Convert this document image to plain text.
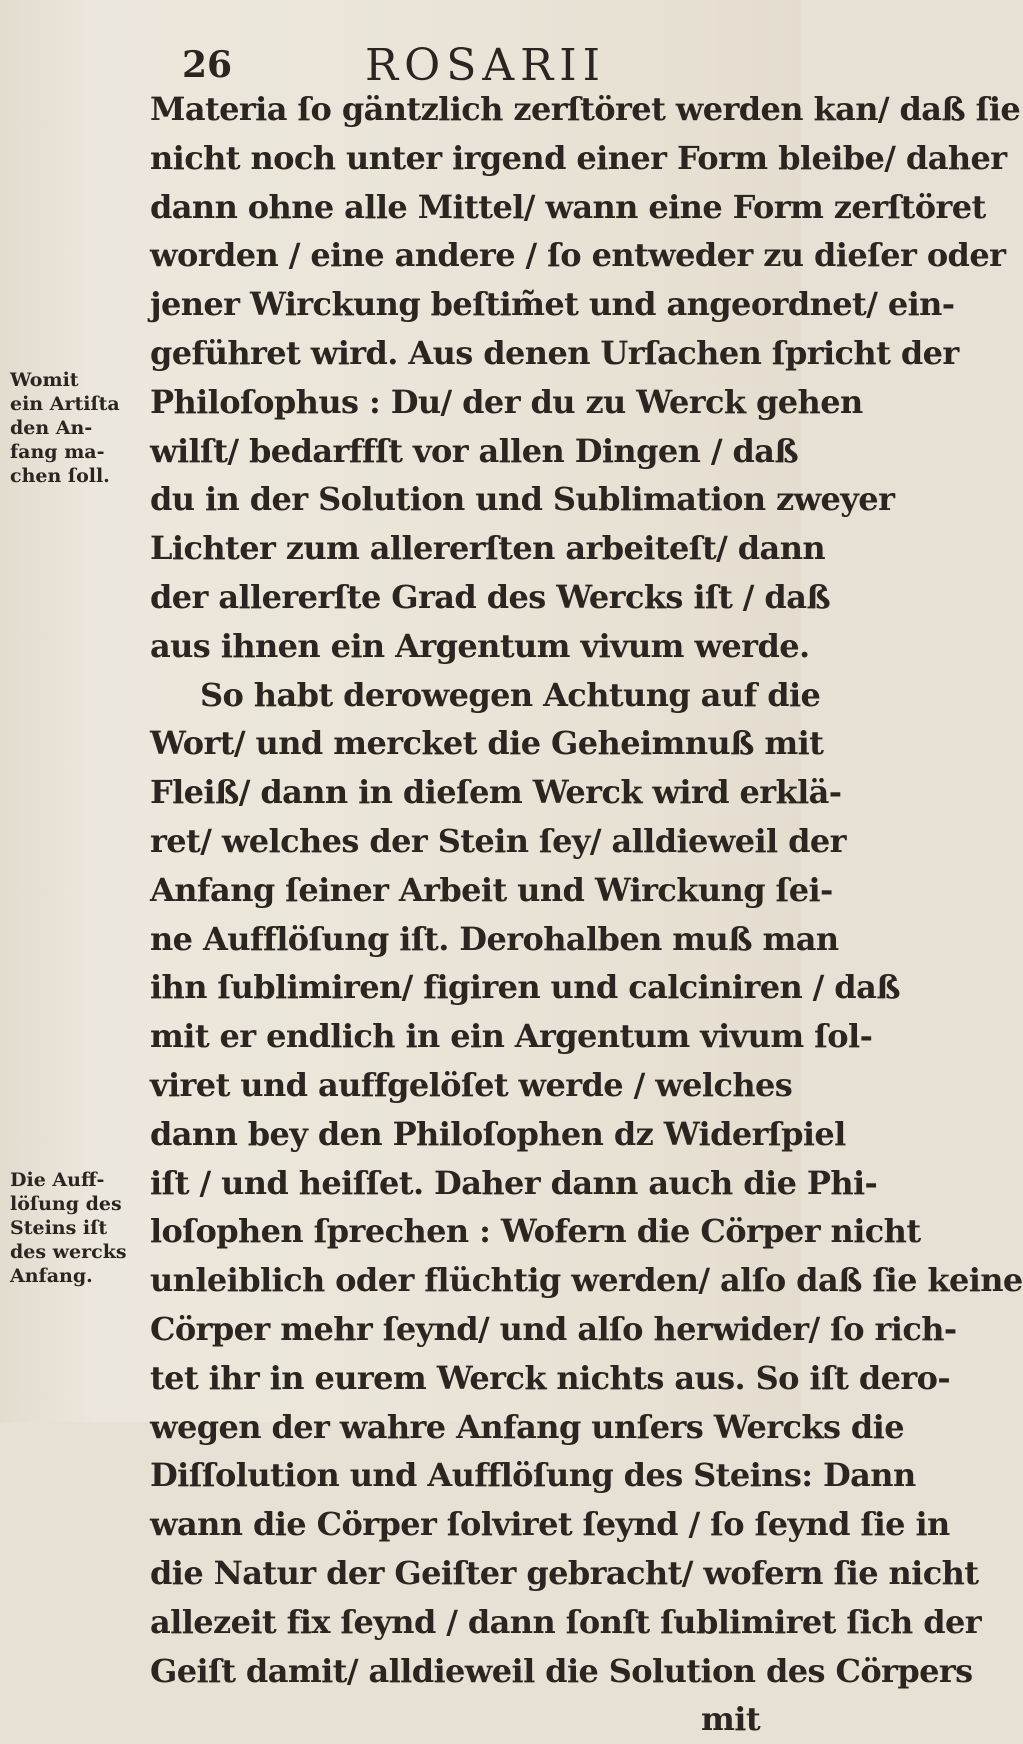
26	ROSARII
Materia ſo gäntzlich zerſtöret werden kan/ daß ſie
nicht noch unter irgend einer Form bleibe/ daher
dann ohne alle Mittel/ wann eine Form zerſtöret
worden / eine andere / ſo entweder zu dieſer oder
jener Wirckung beſtim̃et und angeordnet/ ein-
geführet wird. Aus denen Urſachen ſpricht der
Philoſophus : Du/ der du zu Werck gehen
wilſt/ bedarffſt vor allen Dingen / daß
du in der Solution und Sublimation zweyer
Lichter zum allererſten arbeiteſt/ dann
der allererſte Grad des Wercks iſt / daß
aus ihnen ein Argentum vivum werde.
So habt derowegen Achtung auf die
Wort/ und mercket die Geheimnuß mit
Fleiß/ dann in dieſem Werck wird erklä-
ret/ welches der Stein ſey/ alldieweil der
Anfang ſeiner Arbeit und Wirckung ſei-
ne Aufflöſung iſt. Derohalben muß man
ihn ſublimiren/ figiren und calciniren / daß
mit er endlich in ein Argentum vivum ſol-
viret und auffgelöſet werde / welches
dann bey den Philoſophen dz Widerſpiel
iſt / und heiſſet. Daher dann auch die Phi-
loſophen ſprechen : Wofern die Cörper nicht
unleiblich oder flüchtig werden/ alſo daß ſie keine
Cörper mehr ſeynd/ und alſo herwider/ ſo rich-
tet ihr in eurem Werck nichts aus. So iſt dero-
wegen der wahre Anfang unſers Wercks die
Diſſolution und Aufflöſung des Steins: Dann
wann die Cörper ſolviret ſeynd / ſo ſeynd ſie in
die Natur der Geiſter gebracht/ wofern ſie nicht
allezeit fix ſeynd / dann ſonſt ſublimiret ſich der
Geiſt damit/ alldieweil die Solution des Cörpers
mit
Womit
ein Artiſta
den An-
fang ma-
chen ſoll.
Die Auff-
löſung des
Steins iſt
des wercks
Anfang.
